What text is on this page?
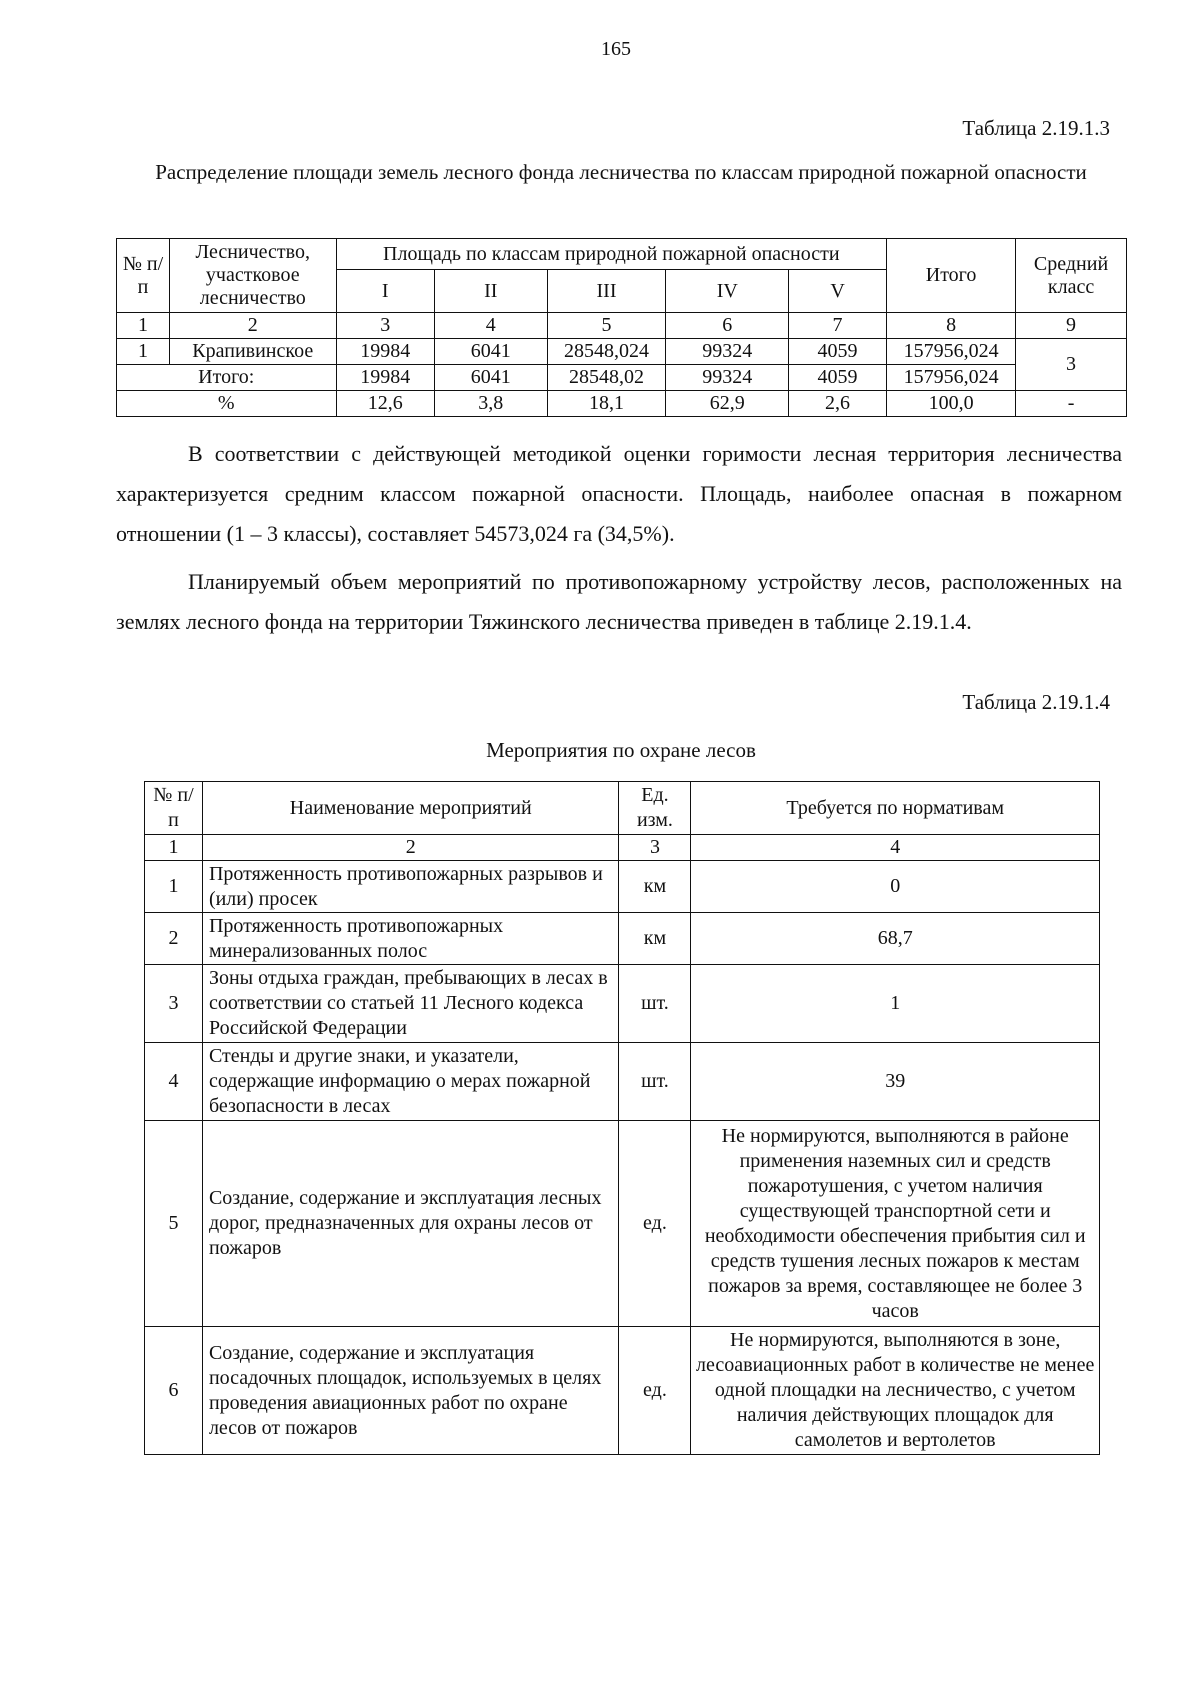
165
Таблица 2.19.1.3
Распределение площади земель лесного фонда лесничества по классам природной пожарной опасности
№ п/п	Лесничество, участковое лесничество	Площадь по классам природной пожарной опасности					Итого	Средний класс
		I	II	III	IV	V		
1	2	3	4	5	6	7	8	9
1	Крапивинское	19984	6041	28548,024	99324	4059	157956,024	3
Итого:		19984	6041	28548,02	99324	4059	157956,024	
%		12,6	3,8	18,1	62,9	2,6	100,0	-

В соответствии с действующей методикой оценки горимости лесная территория лесничества характеризуется средним классом пожарной опасности. Площадь, наиболее опасная в пожарном отношении (1 – 3 классы), составляет 54573,024 га (34,5%).

Планируемый объем мероприятий по противопожарному устройству лесов, расположенных на землях лесного фонда на территории Тяжинского лесничества приведен в таблице 2.19.1.4.

Таблица 2.19.1.4
Мероприятия по охране лесов
№ п/п	Наименование мероприятий	Ед. изм.	Требуется по нормативам
1	2	3	4
1	Протяженность противопожарных разрывов и (или) просек	км	0
2	Протяженность противопожарных минерализованных полос	км	68,7
3	Зоны отдыха граждан, пребывающих в лесах в соответствии со статьей 11 Лесного кодекса Российской Федерации	шт.	1
4	Стенды и другие знаки, и указатели, содержащие информацию о мерах пожарной безопасности в лесах	шт.	39
5	Создание, содержание и эксплуатация лесных дорог, предназначенных для охраны лесов от пожаров	ед.	Не нормируются, выполняются в районе применения наземных сил и средств пожаротушения, с учетом наличия существующей транспортной сети и необходимости обеспечения прибытия сил и средств тушения лесных пожаров к местам пожаров за время, составляющее не более 3 часов
6	Создание, содержание и эксплуатация посадочных площадок, используемых в целях проведения авиационных работ по охране лесов от пожаров	ед.	Не нормируются, выполняются в зоне, лесоавиационных работ в количестве не менее одной площадки на лесничество, с учетом наличия действующих площадок для самолетов и вертолетов
